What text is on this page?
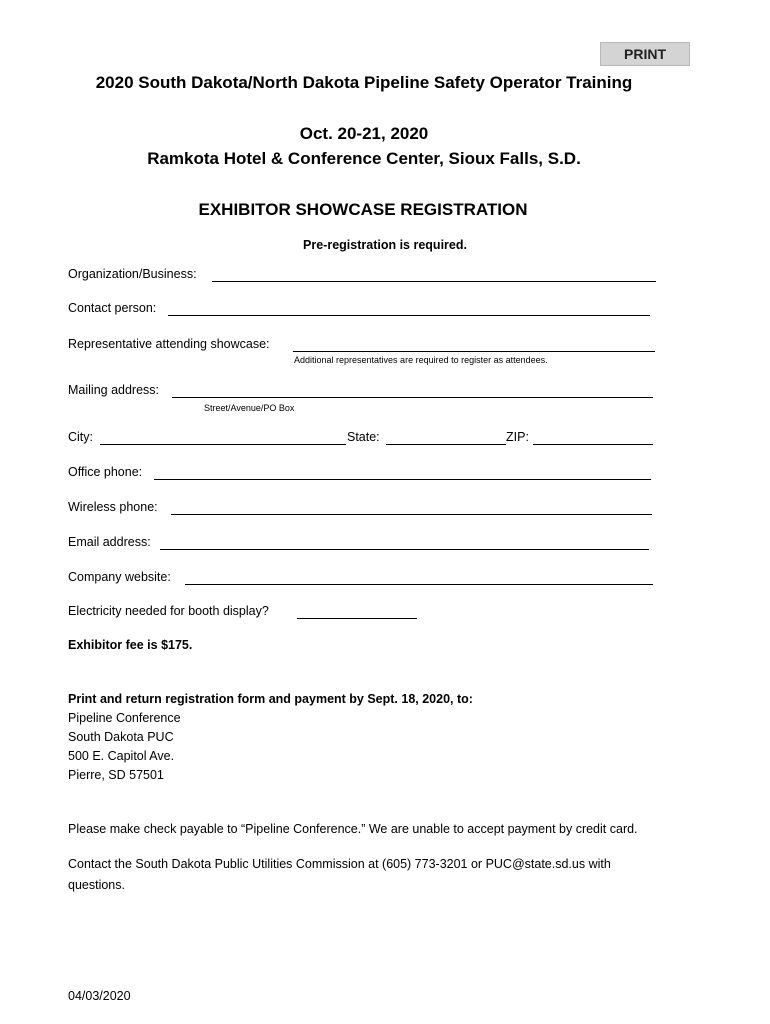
PRINT
2020 South Dakota/North Dakota Pipeline Safety Operator Training
Oct. 20-21, 2020
Ramkota Hotel & Conference Center, Sioux Falls, S.D.
EXHIBITOR SHOWCASE REGISTRATION
Pre-registration is required.
Organization/Business:
Contact person:
Representative attending showcase:
Additional representatives are required to register as attendees.
Mailing address:
Street/Avenue/PO Box
City:	State:	ZIP:
Office phone:
Wireless phone:
Email address:
Company website:
Electricity needed for booth display?
Exhibitor fee is $175.
Print and return registration form and payment by Sept. 18, 2020, to:
Pipeline Conference
South Dakota PUC
500 E. Capitol Ave.
Pierre, SD 57501
Please make check payable to “Pipeline Conference.” We are unable to accept payment by credit card.
Contact the South Dakota Public Utilities Commission at (605) 773-3201 or PUC@state.sd.us with
questions.
04/03/2020
